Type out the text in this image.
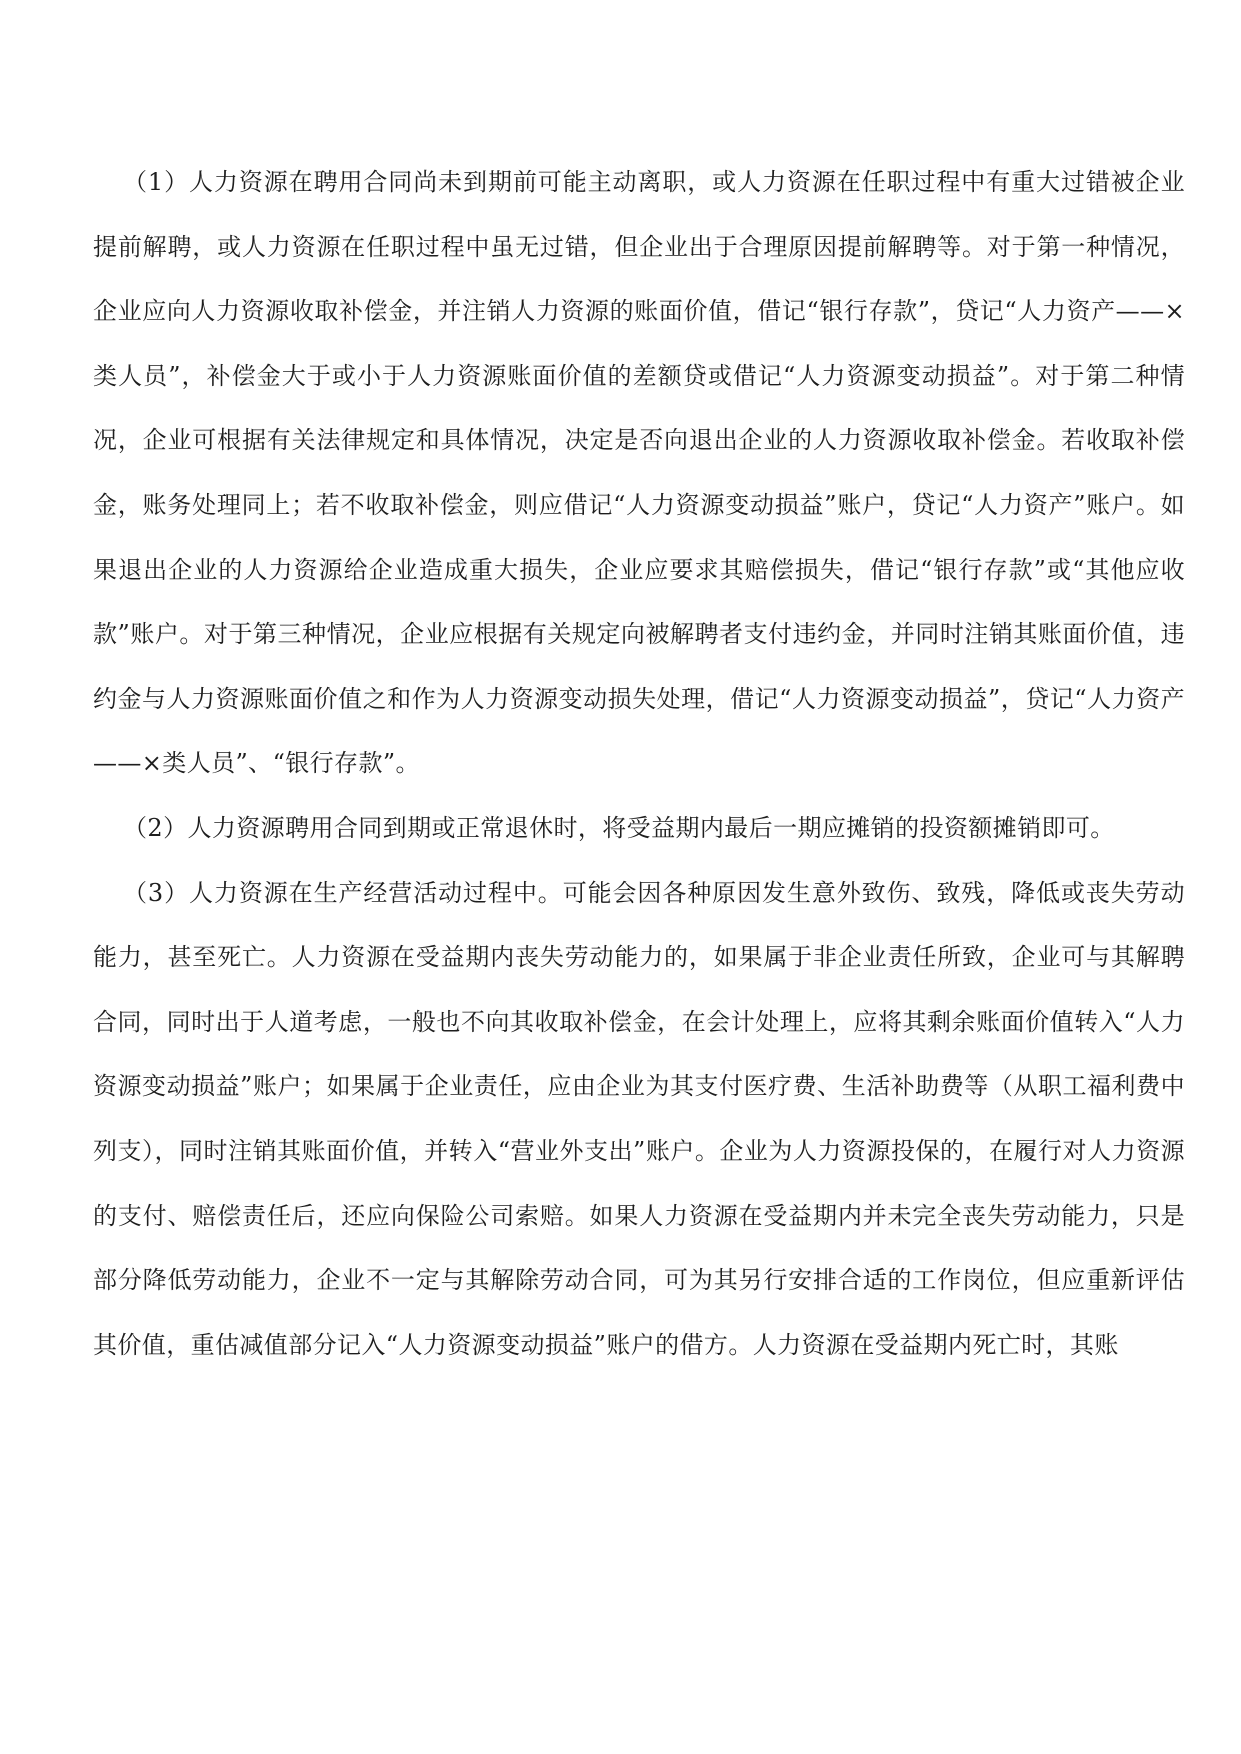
（1）人力资源在聘用合同尚未到期前可能主动离职，或人力资源在任职过程中有重大过错被企业提前解聘，或人力资源在任职过程中虽无过错，但企业出于合理原因提前解聘等。对于第一种情况，企业应向人力资源收取补偿金，并注销人力资源的账面价值，借记“银行存款”，贷记“人力资产——×类人员”，补偿金大于或小于人力资源账面价值的差额贷或借记“人力资源变动损益”。对于第二种情况，企业可根据有关法律规定和具体情况，决定是否向退出企业的人力资源收取补偿金。若收取补偿金，账务处理同上；若不收取补偿金，则应借记“人力资源变动损益”账户，贷记“人力资产”账户。如果退出企业的人力资源给企业造成重大损失，企业应要求其赔偿损失，借记“银行存款”或“其他应收款”账户。对于第三种情况，企业应根据有关规定向被解聘者支付违约金，并同时注销其账面价值，违约金与人力资源账面价值之和作为人力资源变动损失处理，借记“人力资源变动损益”，贷记“人力资产——×类人员”、“银行存款”。

（2）人力资源聘用合同到期或正常退休时，将受益期内最后一期应摊销的投资额摊销即可。

（3）人力资源在生产经营活动过程中。可能会因各种原因发生意外致伤、致残，降低或丧失劳动能力，甚至死亡。人力资源在受益期内丧失劳动能力的，如果属于非企业责任所致，企业可与其解聘合同，同时出于人道考虑，一般也不向其收取补偿金，在会计处理上，应将其剩余账面价值转入“人力资源变动损益”账户；如果属于企业责任，应由企业为其支付医疗费、生活补助费等（从职工福利费中列支），同时注销其账面价值，并转入“营业外支出”账户。企业为人力资源投保的，在履行对人力资源的支付、赔偿责任后，还应向保险公司索赔。如果人力资源在受益期内并未完全丧失劳动能力，只是部分降低劳动能力，企业不一定与其解除劳动合同，可为其另行安排合适的工作岗位，但应重新评估其价值，重估减值部分记入“人力资源变动损益”账户的借方。人力资源在受益期内死亡时，其账
